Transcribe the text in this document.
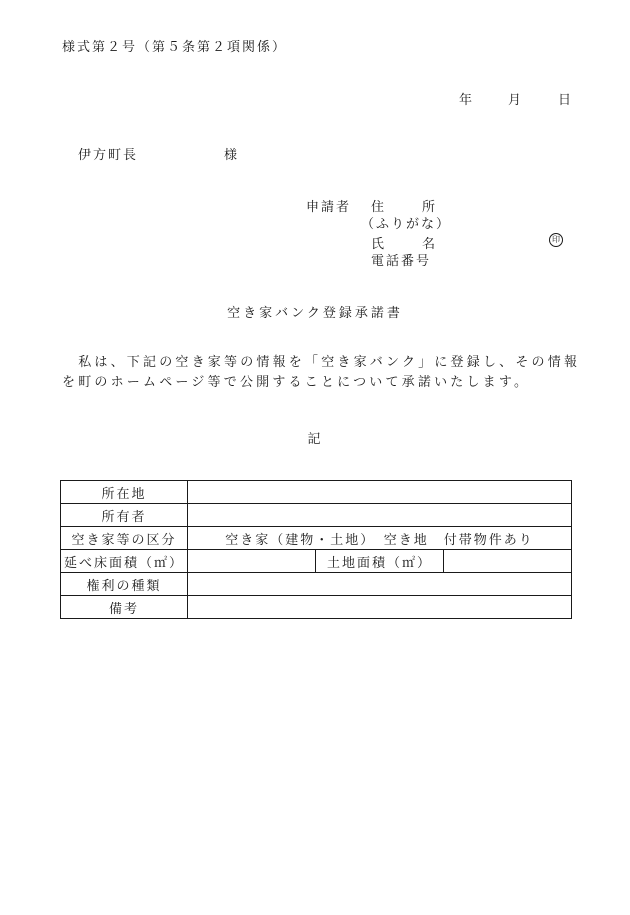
様式第２号（第５条第２項関係）
年	月	日
伊方町長	様
申請者 住	所
（ふりがな）
氏	名	印
電話番号
空き家バンク登録承諾書
　私は、下記の空き家等の情報を「空き家バンク」に登録し、その情報を町のホームページ等で公開することについて承諾いたします。
記
所在地			
所有者			
空き家等の区分	空き家（建物・土地）　空き地　付帯物件あり		
延べ床面積（㎡）		土地面積（㎡）	
権利の種類			
備考			
